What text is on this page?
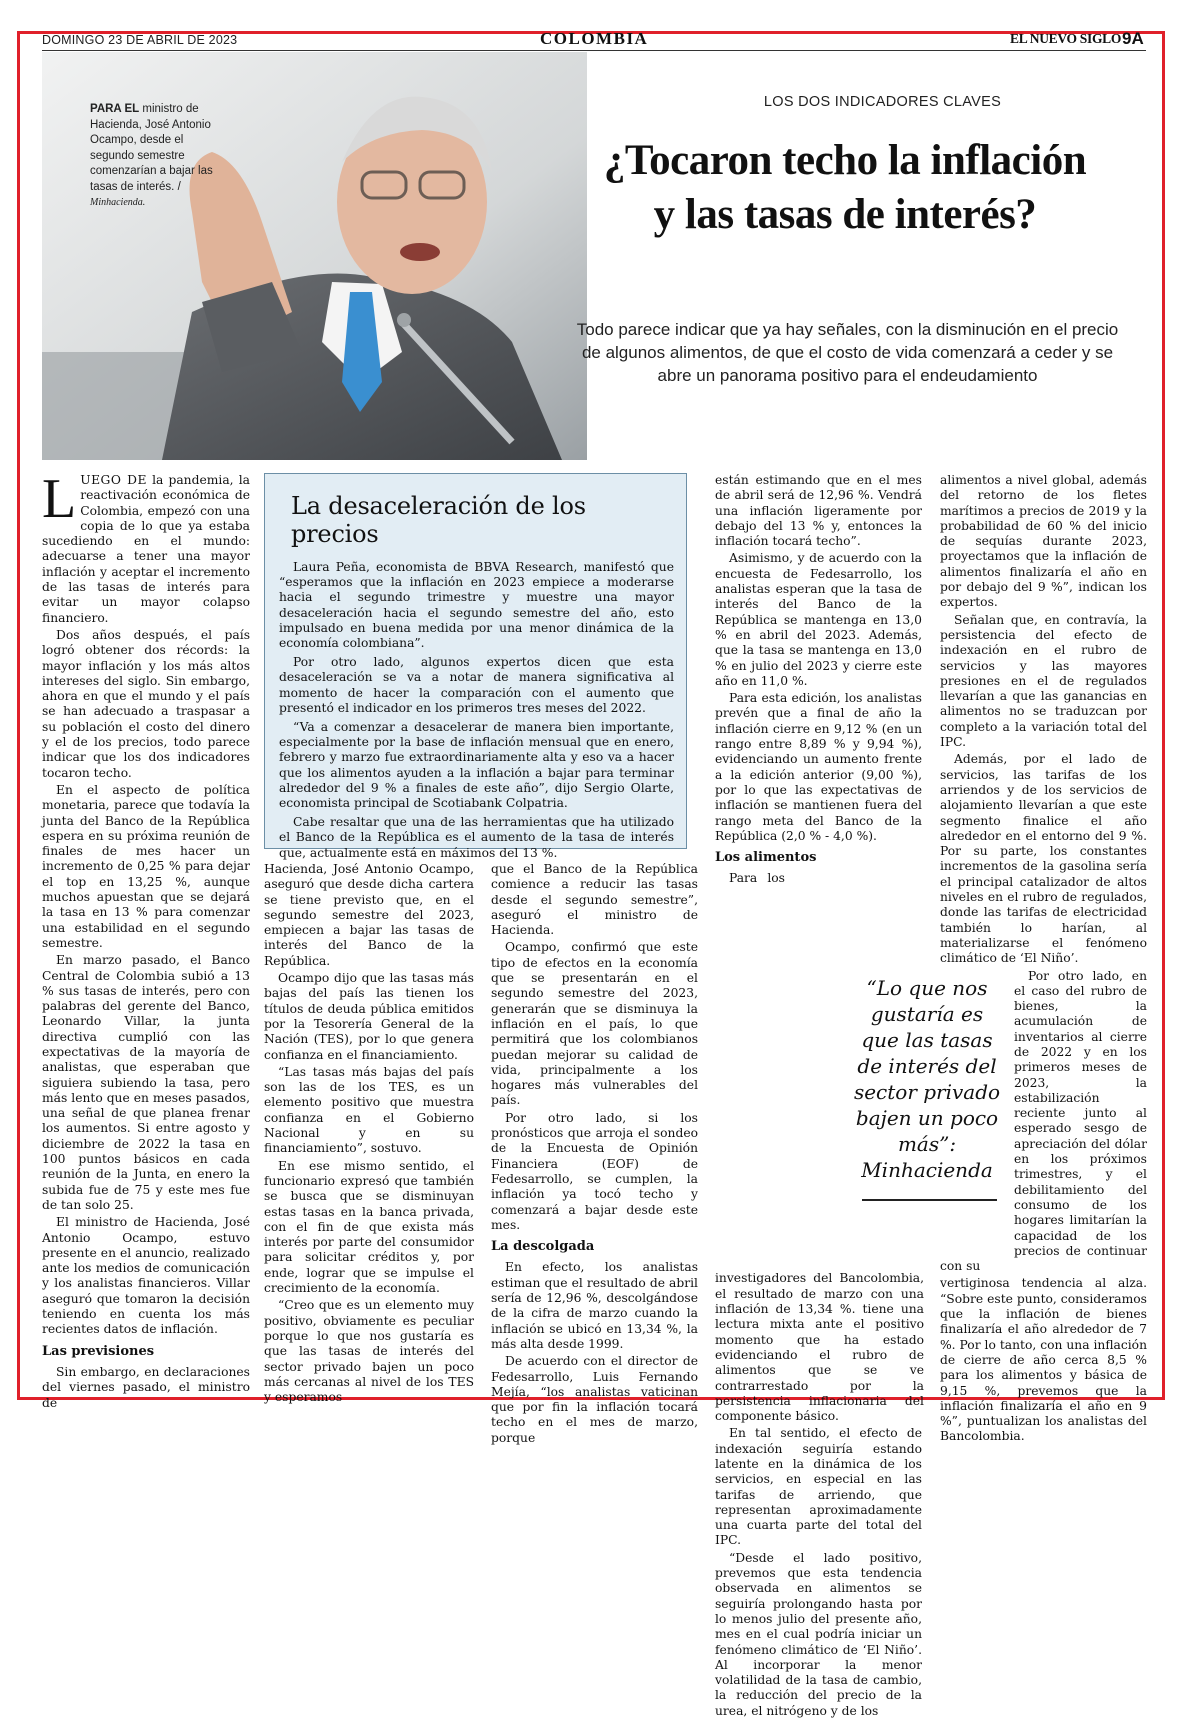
DOMINGO 23 DE ABRIL DE 2023	COLOMBIA	EL NUEVO SIGLO 9A
PARA EL ministro de Hacienda, José Antonio Ocampo, desde el segundo semestre comenzarían a bajar las tasas de interés. / Minhacienda.
LOS DOS INDICADORES CLAVES
¿Tocaron techo la inflación y las tasas de interés?
Todo parece indicar que ya hay señales, con la disminución en el precio de algunos alimentos, de que el costo de vida comenzará a ceder y se abre un panorama positivo para el endeudamiento

LUEGO DE la pandemia, la reactivación económica de Colombia, empezó con una copia de lo que ya estaba sucediendo en el mundo: adecuarse a tener una mayor inflación y aceptar el incremento de las tasas de interés para evitar un mayor colapso financiero.

Dos años después, el país logró obtener dos récords: la mayor inflación y los más altos intereses del siglo. Sin embargo, ahora en que el mundo y el país se han adecuado a traspasar a su población el costo del dinero y el de los precios, todo parece indicar que los dos indicadores tocaron techo.

En el aspecto de política monetaria, parece que todavía la junta del Banco de la República espera en su próxima reunión de finales de mes hacer un incremento de 0,25 % para dejar el top en 13,25 %, aunque muchos apuestan que se dejará la tasa en 13 % para comenzar una estabilidad en el segundo semestre.

En marzo pasado, el Banco Central de Colombia subió a 13 % sus tasas de interés, pero con palabras del gerente del Banco, Leonardo Villar, la junta directiva cumplió con las expectativas de la mayoría de analistas, que esperaban que siguiera subiendo la tasa, pero más lento que en meses pasados, una señal de que planea frenar los aumentos. Si entre agosto y diciembre de 2022 la tasa en 100 puntos básicos en cada reunión de la Junta, en enero la subida fue de 75 y este mes fue de tan solo 25.

El ministro de Hacienda, José Antonio Ocampo, estuvo presente en el anuncio, realizado ante los medios de comunicación y los analistas financieros. Villar aseguró que tomaron la decisión teniendo en cuenta los más recientes datos de inflación.

Las previsiones

Sin embargo, en declaraciones del viernes pasado, el ministro de

La desaceleración de los precios

Laura Peña, economista de BBVA Research, manifestó que “esperamos que la inflación en 2023 empiece a moderarse hacia el segundo trimestre y muestre una mayor desaceleración hacia el segundo semestre del año, esto impulsado en buena medida por una menor dinámica de la economía colombiana”.

Por otro lado, algunos expertos dicen que esta desaceleración se va a notar de manera significativa al momento de hacer la comparación con el aumento que presentó el indicador en los primeros tres meses del 2022.

“Va a comenzar a desacelerar de manera bien importante, especialmente por la base de inflación mensual que en enero, febrero y marzo fue extraordinariamente alta y eso va a hacer que los alimentos ayuden a la inflación a bajar para terminar alrededor del 9 % a finales de este año”, dijo Sergio Olarte, economista principal de Scotiabank Colpatria.

Cabe resaltar que una de las herramientas que ha utilizado el Banco de la República es el aumento de la tasa de interés que, actualmente está en máximos del 13 %.

Hacienda, José Antonio Ocampo, aseguró que desde dicha cartera se tiene previsto que, en el segundo semestre del 2023, empiecen a bajar las tasas de interés del Banco de la República.

Ocampo dijo que las tasas más bajas del país las tienen los títulos de deuda pública emitidos por la Tesorería General de la Nación (TES), por lo que genera confianza en el financiamiento.

“Las tasas más bajas del país son las de los TES, es un elemento positivo que muestra confianza en el Gobierno Nacional y en su financiamiento”, sostuvo.

En ese mismo sentido, el funcionario expresó que también se busca que se disminuyan estas tasas en la banca privada, con el fin de que exista más interés por parte del consumidor para solicitar créditos y, por ende, lograr que se impulse el crecimiento de la economía.

“Creo que es un elemento muy positivo, obviamente es peculiar porque lo que nos gustaría es que las tasas de interés del sector privado bajen un poco más cercanas al nivel de los TES y esperamos

que el Banco de la República comience a reducir las tasas desde el segundo semestre”, aseguró el ministro de Hacienda.

Ocampo, confirmó que este tipo de efectos en la economía que se presentarán en el segundo semestre del 2023, generarán que se disminuya la inflación en el país, lo que permitirá que los colombianos puedan mejorar su calidad de vida, principalmente a los hogares más vulnerables del país.

Por otro lado, si los pronósticos que arroja el sondeo de la Encuesta de Opinión Financiera (EOF) de Fedesarrollo, se cumplen, la inflación ya tocó techo y comenzará a bajar desde este mes.

La descolgada

En efecto, los analistas estiman que el resultado de abril sería de 12,96 %, descolgándose de la cifra de marzo cuando la inflación se ubicó en 13,34 %, la más alta desde 1999.

De acuerdo con el director de Fedesarrollo, Luis Fernando Mejía, “los analistas vaticinan que por fin la inflación tocará techo en el mes de marzo, porque

están estimando que en el mes de abril será de 12,96 %. Vendrá una inflación ligeramente por debajo del 13 % y, entonces la inflación tocará techo”.

Asimismo, y de acuerdo con la encuesta de Fedesarrollo, los analistas esperan que la tasa de interés del Banco de la República se mantenga en 13,0 % en abril del 2023. Además, que la tasa se mantenga en 13,0 % en julio del 2023 y cierre este año en 11,0 %.

Para esta edición, los analistas prevén que a final de año la inflación cierre en 9,12 % (en un rango entre 8,89 % y 9,94 %), evidenciando un aumento frente a la edición anterior (9,00 %), por lo que las expectativas de inflación se mantienen fuera del rango meta del Banco de la República (2,0 % - 4,0 %).

Los alimentos

Para los investigadores del Bancolombia, el resultado de marzo con una inflación de 13,34 %. tiene una lectura mixta ante el positivo momento que ha estado evidenciando el rubro de alimentos que se ve contrarrestado por la persistencia inflacionaria del componente básico.

En tal sentido, el efecto de indexación seguiría estando latente en la dinámica de los servicios, en especial en las tarifas de arriendo, que representan aproximadamente una cuarta parte del total del IPC.

“Desde el lado positivo, prevemos que esta tendencia observada en alimentos se seguiría prolongando hasta por lo menos julio del presente año, mes en el cual podría iniciar un fenómeno climático de ‘El Niño’. Al incorporar la menor volatilidad de la tasa de cambio, la reducción del precio de la urea, el nitrógeno y de los

alimentos a nivel global, además del retorno de los fletes marítimos a precios de 2019 y la probabilidad de 60 % del inicio de sequías durante 2023, proyectamos que la inflación de alimentos finalizaría el año en por debajo del 9 %”, indican los expertos.

Señalan que, en contravía, la persistencia del efecto de indexación en el rubro de servicios y las mayores presiones en el de regulados llevarían a que las ganancias en alimentos no se traduzcan por completo a la variación total del IPC.

Además, por el lado de servicios, las tarifas de los arriendos y de los servicios de alojamiento llevarían a que este segmento finalice el año alrededor en el entorno del 9 %. Por su parte, los constantes incrementos de la gasolina sería el principal catalizador de altos niveles en el rubro de regulados, donde las tarifas de electricidad también lo harían, al materializarse el fenómeno climático de ‘El Niño’.

Por otro lado, en el caso del rubro de bienes, la acumulación de inventarios al cierre de 2022 y en los primeros meses de 2023, la estabilización reciente junto al esperado sesgo de apreciación del dólar en los próximos trimestres, y el debilitamiento del consumo de los hogares limitarían la capacidad de los precios de continuar con su

vertiginosa tendencia al alza. “Sobre este punto, consideramos que la inflación de bienes finalizaría el año alrededor de 7 %. Por lo tanto, con una inflación de cierre de año cerca 8,5 % para los alimentos y básica de 9,15 %, prevemos que la inflación finalizaría el año en 9 %”, puntualizan los analistas del Bancolombia.

“Lo que nos gustaría es que las tasas de interés del sector privado bajen un poco más”: Minhacienda
